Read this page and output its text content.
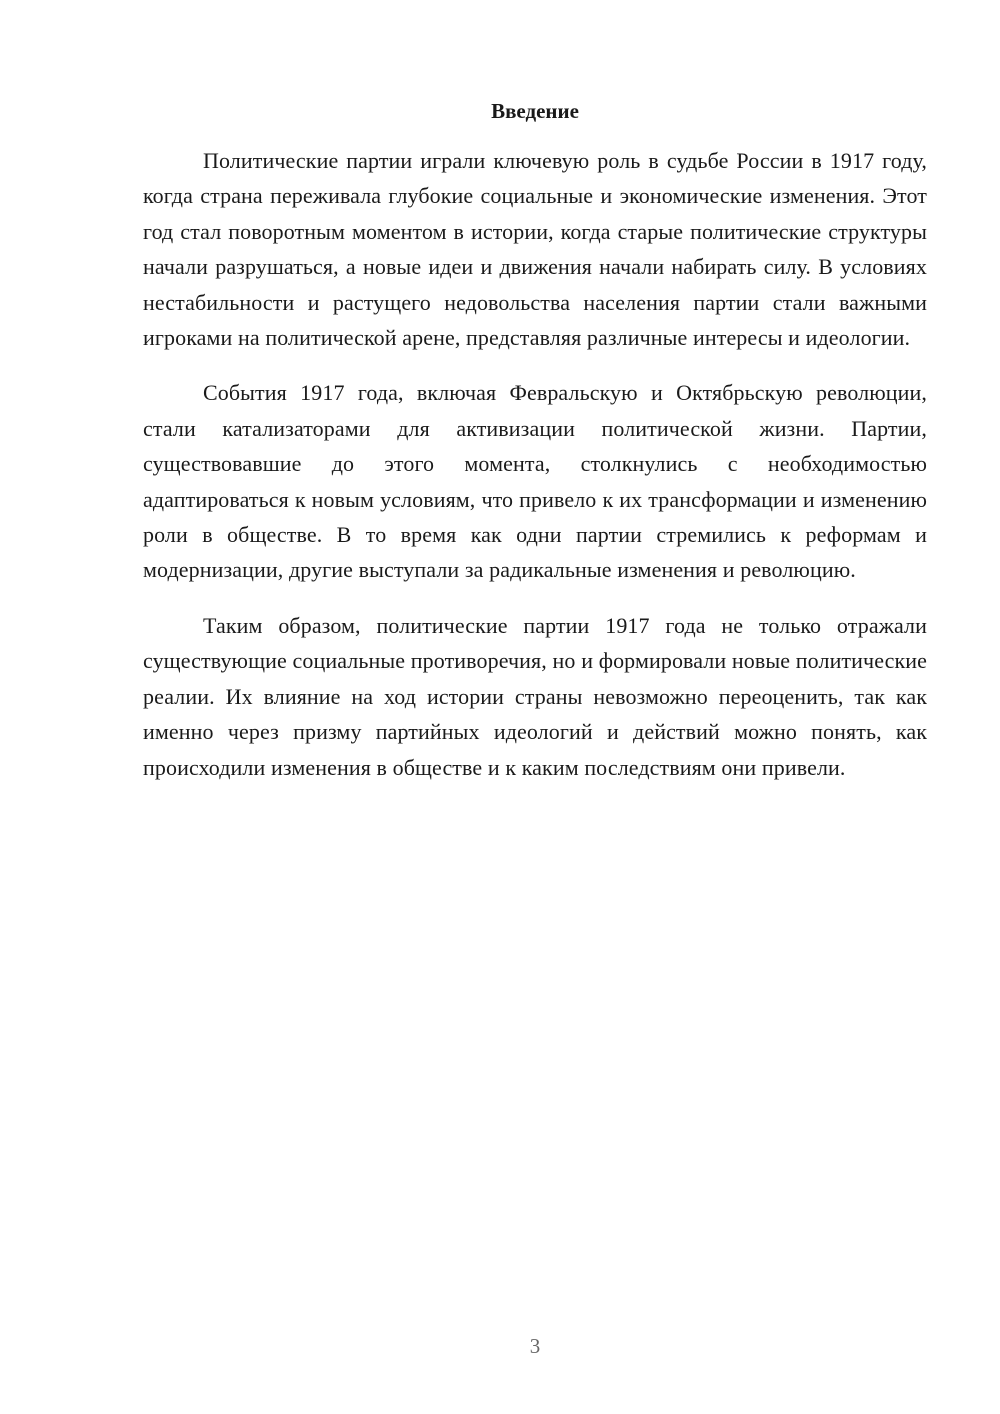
Введение

Политические партии играли ключевую роль в судьбе России в 1917 году, когда страна переживала глубокие социальные и экономические изменения. Этот год стал поворотным моментом в истории, когда старые политические структуры начали разрушаться, а новые идеи и движения начали набирать силу. В условиях нестабильности и растущего недовольства населения партии стали важными игроками на политической арене, представляя различные интересы и идеологии.

События 1917 года, включая Февральскую и Октябрьскую революции, стали катализаторами для активизации политической жизни. Партии, существовавшие до этого момента, столкнулись с необходимостью адаптироваться к новым условиям, что привело к их трансформации и изменению роли в обществе. В то время как одни партии стремились к реформам и модернизации, другие выступали за радикальные изменения и революцию.

Таким образом, политические партии 1917 года не только отражали существующие социальные противоречия, но и формировали новые политические реалии. Их влияние на ход истории страны невозможно переоценить, так как именно через призму партийных идеологий и действий можно понять, как происходили изменения в обществе и к каким последствиям они привели.

3
